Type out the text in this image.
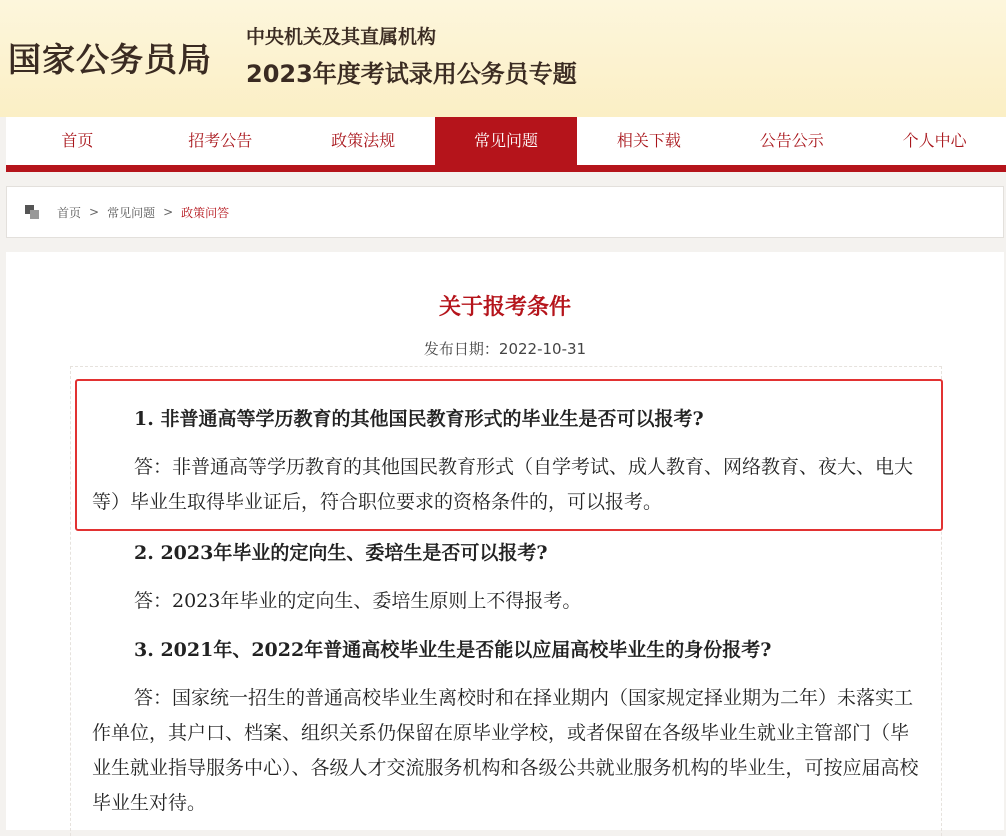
国家公务员局
中央机关及其直属机构
2023年度考试录用公务员专题
首页	招考公告	政策法规	常见问题	相关下载	公告公示	个人中心
首页 > 常见问题 > 政策问答
关于报考条件
发布日期：2022-10-31
1. 非普通高等学历教育的其他国民教育形式的毕业生是否可以报考?
答：非普通高等学历教育的其他国民教育形式（自学考试、成人教育、网络教育、夜大、电大等）毕业生取得毕业证后，符合职位要求的资格条件的，可以报考。
2. 2023年毕业的定向生、委培生是否可以报考?
答：2023年毕业的定向生、委培生原则上不得报考。
3. 2021年、2022年普通高校毕业生是否能以应届高校毕业生的身份报考?
答：国家统一招生的普通高校毕业生离校时和在择业期内（国家规定择业期为二年）未落实工作单位，其户口、档案、组织关系仍保留在原毕业学校，或者保留在各级毕业生就业主管部门（毕业生就业指导服务中心）、各级人才交流服务机构和各级公共就业服务机构的毕业生，可按应届高校毕业生对待。
